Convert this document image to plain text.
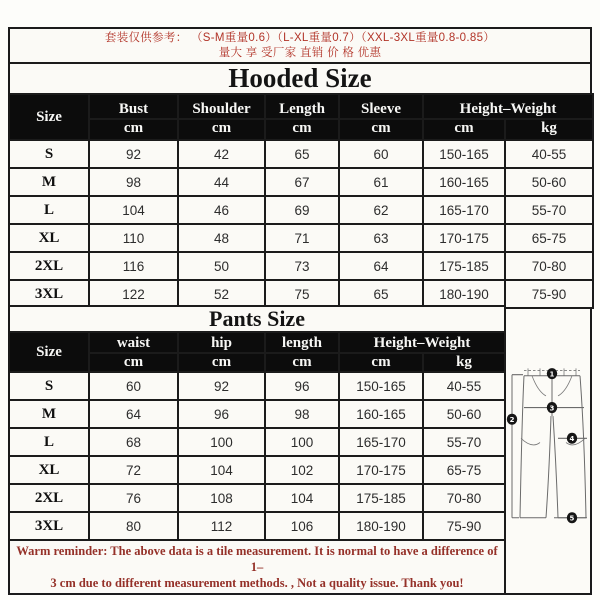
套装仅供参考： （S-M重量0.6）（L-XL重量0.7）（XXL-3XL重量0.8-0.85）
量大 享 受厂家 直销 价 格 优惠
Hooded Size
Size	Bust	Shoulder	Length	Sleeve	Height–Weight	
	cm	cm	cm	cm	cm	kg
S	92	42	65	60	150-165	40-55
M	98	44	67	61	160-165	50-60
L	104	46	69	62	165-170	55-70
XL	110	48	71	63	170-175	65-75
2XL	116	50	73	64	175-185	70-80
3XL	122	52	75	65	180-190	75-90
Pants Size
Size	waist	hip	length	Height–Weight	
	cm	cm	cm	cm	kg
S	60	92	96	150-165	40-55
M	64	96	98	160-165	50-60
L	68	100	100	165-170	55-70
XL	72	104	102	170-175	65-75
2XL	76	108	104	175-185	70-80
3XL	80	112	106	180-190	75-90
Warm reminder: The above data is a tile measurement. It is normal to have a difference of 1–
3 cm due to different measurement methods. , Not a quality issue. Thank you!
1
2
3
4
5
